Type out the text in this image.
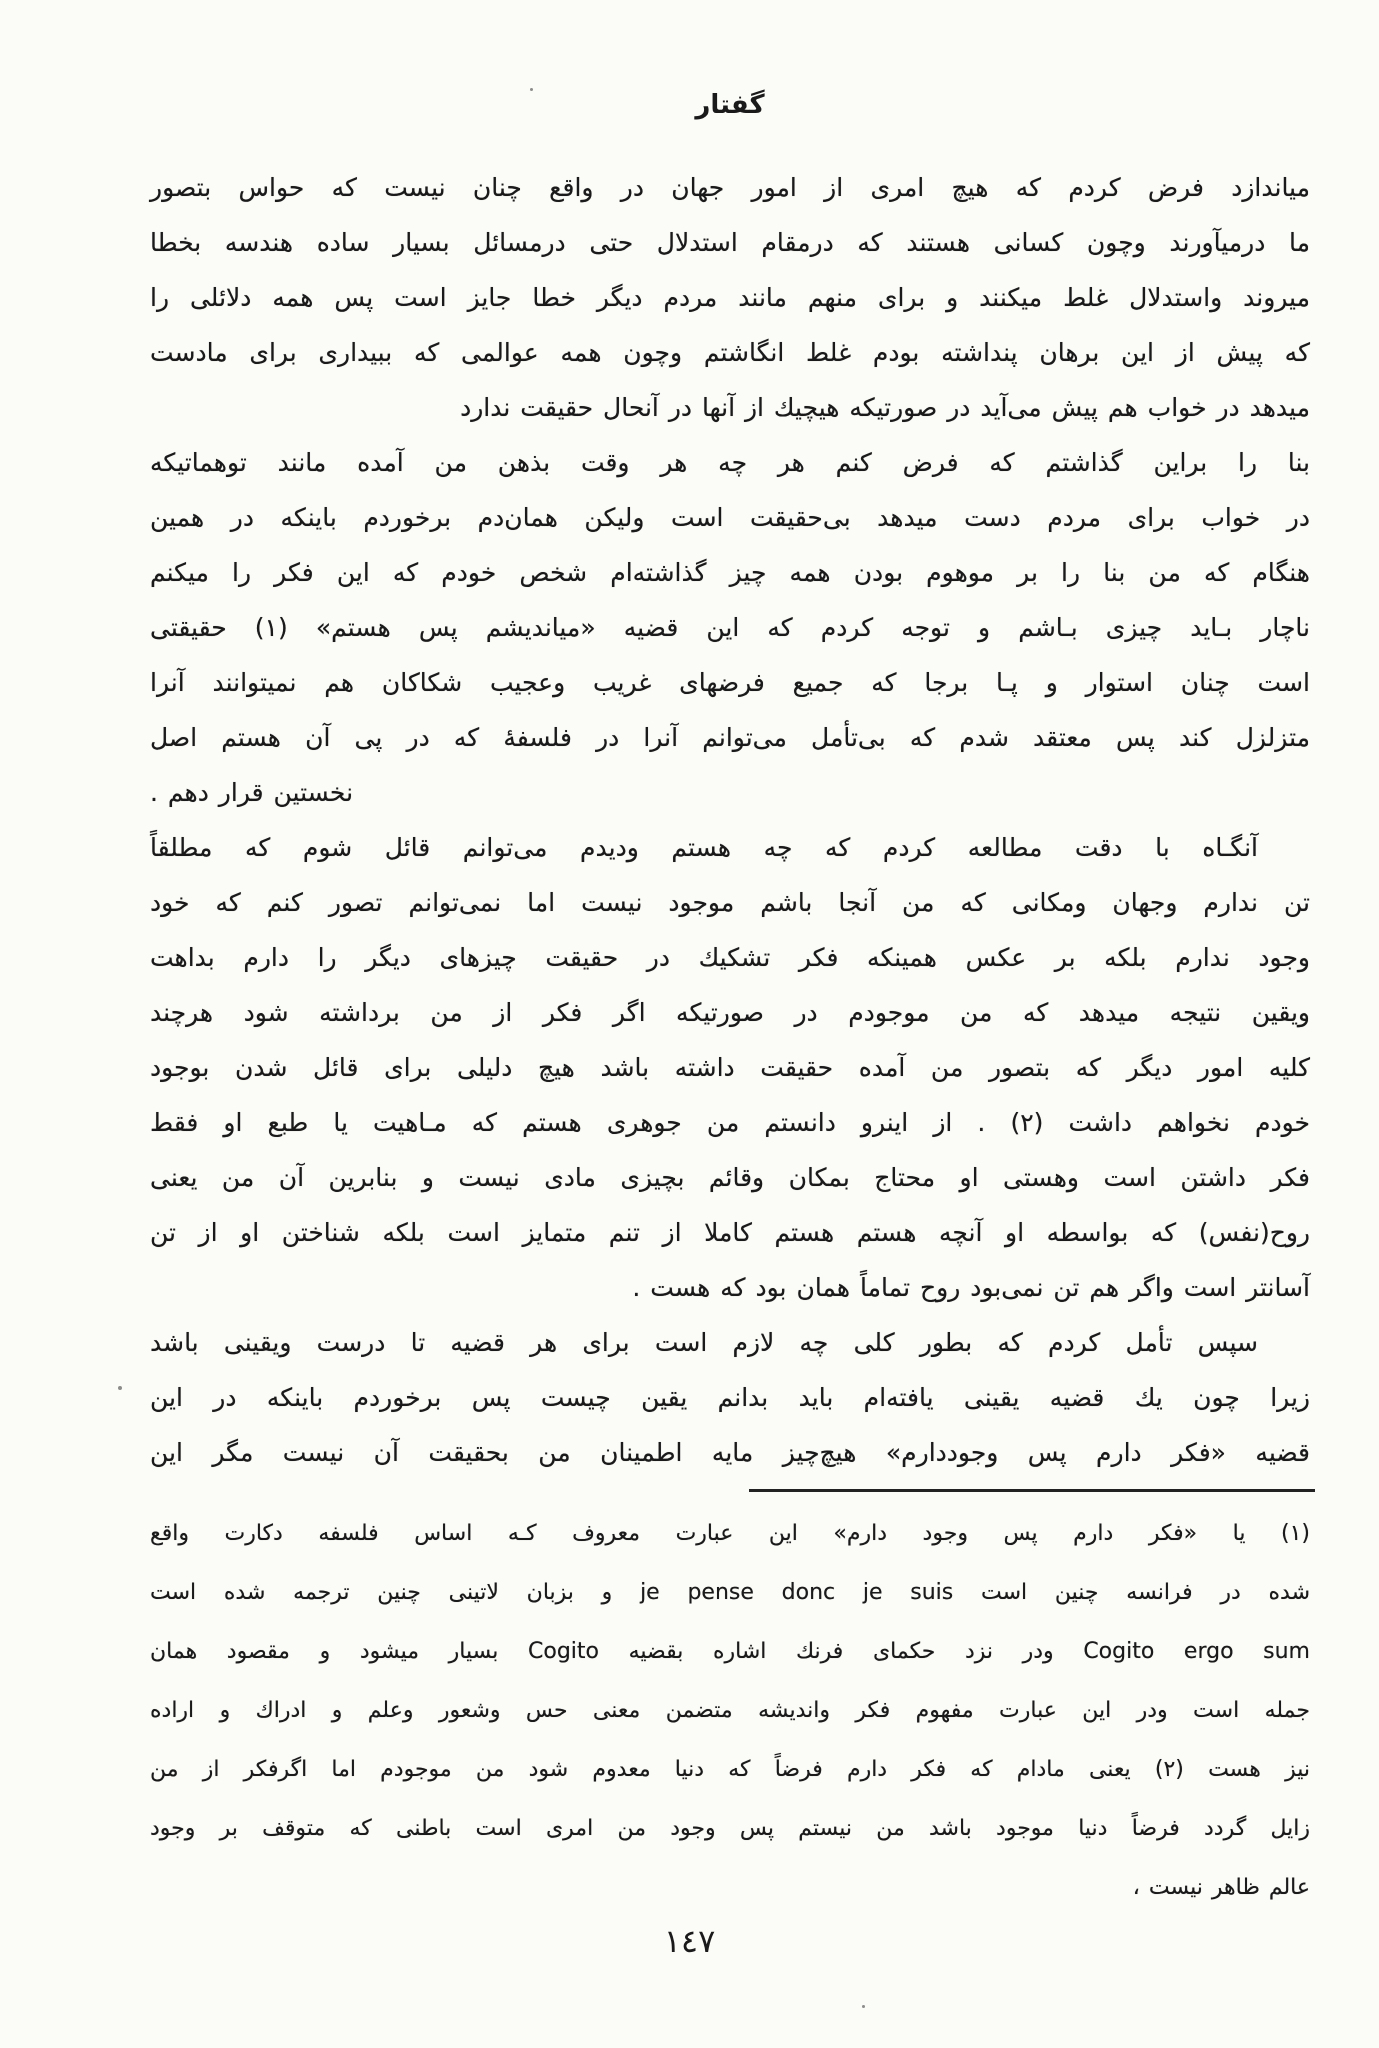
گفتار
میاندازد فرض کردم که هیچ امری از امور جهان در واقع چنان نیست که حواس بتصور
ما درمیآورند وچون کسانی هستند که درمقام استدلال حتی درمسائل بسیار ساده هندسه بخطا
میروند واستدلال غلط میکنند و برای منهم مانند مردم دیگر خطا جایز است پس همه دلائلی را
که پیش از این برهان پنداشته بودم غلط انگاشتم وچون همه عوالمی که ببیداری برای مادست
میدهد در خواب هم پیش می‌آید در صورتیکه هیچیك از آنها در آنحال حقیقت ندارد
بنا را براین گذاشتم که فرض کنم هر چه هر وقت بذهن من آمده مانند توهماتیکه
در خواب برای مردم دست میدهد بی‌حقیقت است ولیکن همان‌دم برخوردم باینکه در همین
هنگام که من بنا را بر موهوم بودن همه چیز گذاشته‌ام شخص خودم که این فکر را میکنم
ناچار بـاید چیزی بـاشم و توجه کردم که این قضیه «میاندیشم پس هستم» (۱) حقیقتی
است چنان استوار و پـا برجا که جمیع فرضهای غریب وعجیب شکاکان هم نمیتوانند آنرا
متزلزل کند پس معتقد شدم که بی‌تأمل می‌توانم آنرا در فلسفهٔ که در پی آن هستم اصل
نخستین قرار دهم .
آنگـاه با دقت مطالعه کردم که چه هستم ودیدم می‌توانم قائل شوم که مطلقاً
تن ندارم وجهان ومکانی که من آنجا باشم موجود نیست اما نمی‌توانم تصور کنم که خود
وجود ندارم بلکه بر عکس همینکه فکر تشکیك در حقیقت چیزهای دیگر را دارم بداهت
ویقین نتیجه میدهد که من موجودم در صورتیکه اگر فکر از من برداشته شود هرچند
کلیه امور دیگر که بتصور من آمده حقیقت داشته باشد هیچ دلیلی برای قائل شدن بوجود
خودم نخواهم داشت (۲) . از اینرو دانستم من جوهری هستم که مـاهیت یا طبع او فقط
فکر داشتن است وهستی او محتاج بمکان وقائم بچیزی مادی نیست و بنابرین آن من یعنی
روح(نفس) که بواسطه او آنچه هستم هستم کاملا از تنم متمایز است بلکه شناختن او از تن
آسانتر است واگر هم تن نمی‌بود روح تماماً همان بود که هست .
سپس تأمل کردم که بطور کلی چه لازم است برای هر قضیه تا درست ویقینی باشد
زیرا چون یك قضیه یقینی یافته‌ام باید بدانم یقین چیست پس برخوردم باینکه در این
قضیه «فکر دارم پس وجوددارم» هیچ‌چیز مایه اطمینان من بحقیقت آن نیست مگر این
(۱) یا «فکر دارم پس وجود دارم» این عبارت معروف کـه اساس فلسفه دکارت واقع
شده در فرانسه چنین است je pense donc je suis و بزبان لاتینی چنین ترجمه شده است
Cogito ergo sum ودر نزد حکمای فرنك اشاره بقضیه Cogito بسیار میشود و مقصود همان
جمله است ودر این عبارت مفهوم فکر واندیشه متضمن معنی حس وشعور وعلم و ادراك و اراده
نیز هست (۲) یعنی مادام که فکر دارم فرضاً که دنیا معدوم شود من موجودم اما اگرفکر از من
زایل گردد فرضاً دنیا موجود باشد من نیستم پس وجود من امری است باطنی که متوقف بر وجود
عالم ظاهر نیست ،
۱٤۷
